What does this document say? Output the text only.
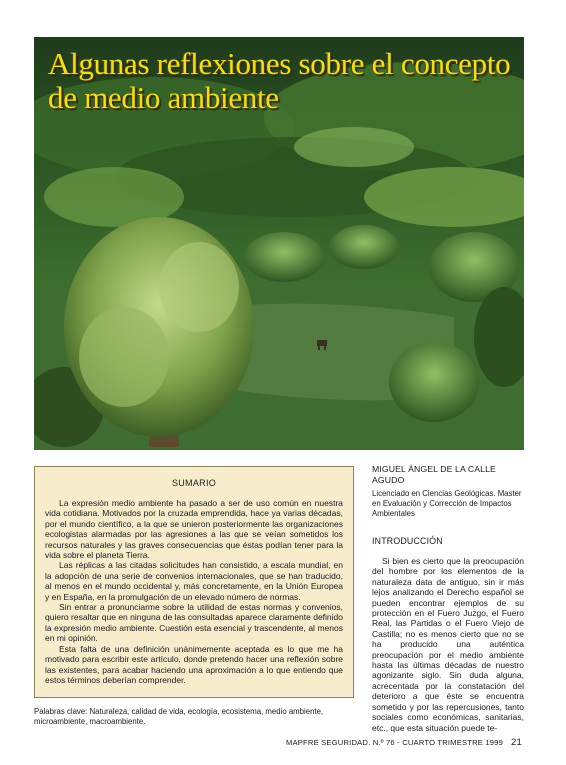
Algunas reflexiones sobre el concepto de medio ambiente
SUMARIO

La expresión medio ambiente ha pasado a ser de uso común en nuestra vida cotidiana. Motivados por la cruzada emprendida, hace ya varias décadas, por el mundo científico, a la que se unieron posteriormente las organizaciones ecologistas alarmadas por las agresiones a las que se veían sometidos los recursos naturales y las graves consecuencias que éstas podían tener para la vida sobre el planeta Tierra.

Las réplicas a las citadas solicitudes han consistido, a escala mundial, en la adopción de una serie de convenios internacionales, que se han traducido, al menos en el mundo occidental y, más concretamente, en la Unión Europea y en España, en la promulgación de un elevado número de normas.

Sin entrar a pronunciarme sobre la utilidad de estas normas y convenios, quiero resaltar que en ninguna de las consultadas aparece claramente definido la expresión medio ambiente. Cuestión esta esencial y trascendente, al menos en mi opinión.

Esta falta de una definición unánimemente aceptada es lo que me ha motivado para escribir este artículo, donde pretendo hacer una reflexión sobre las existentes, para acabar haciendo una aproximación a lo que entiendo que estos términos deberían comprender.

Palabras clave: Naturaleza, calidad de vida, ecología, ecosistema, medio ambiente, microambiente, macroambiente.

MIGUEL ÁNGEL DE LA CALLE AGUDO

Licenciado en Ciencias Geológicas. Master en Evaluación y Corrección de Impactos Ambientales

INTRODUCCIÓN

Si bien es cierto que la preocupación del hombre por los elementos de la naturaleza data de antiguo, sin ir más lejos analizando el Derecho español se pueden encontrar ejemplos de su protección en el Fuero Juzgo, el Fuero Real, las Partidas o el Fuero Viejo de Castilla; no es menos cierto que no se ha producido una auténtica preocupación por el medio ambiente hasta las últimas décadas de nuestro agonizante siglo. Sin duda alguna, acrecentada por la constatación del deterioro a que éste se encuentra sometido y por las repercusiones, tanto sociales como económicas, sanitarias, etc., que esta situación puede te-

MAPFRE SEGURIDAD. N.º 76 - CUARTO TRIMESTRE 1999 21
